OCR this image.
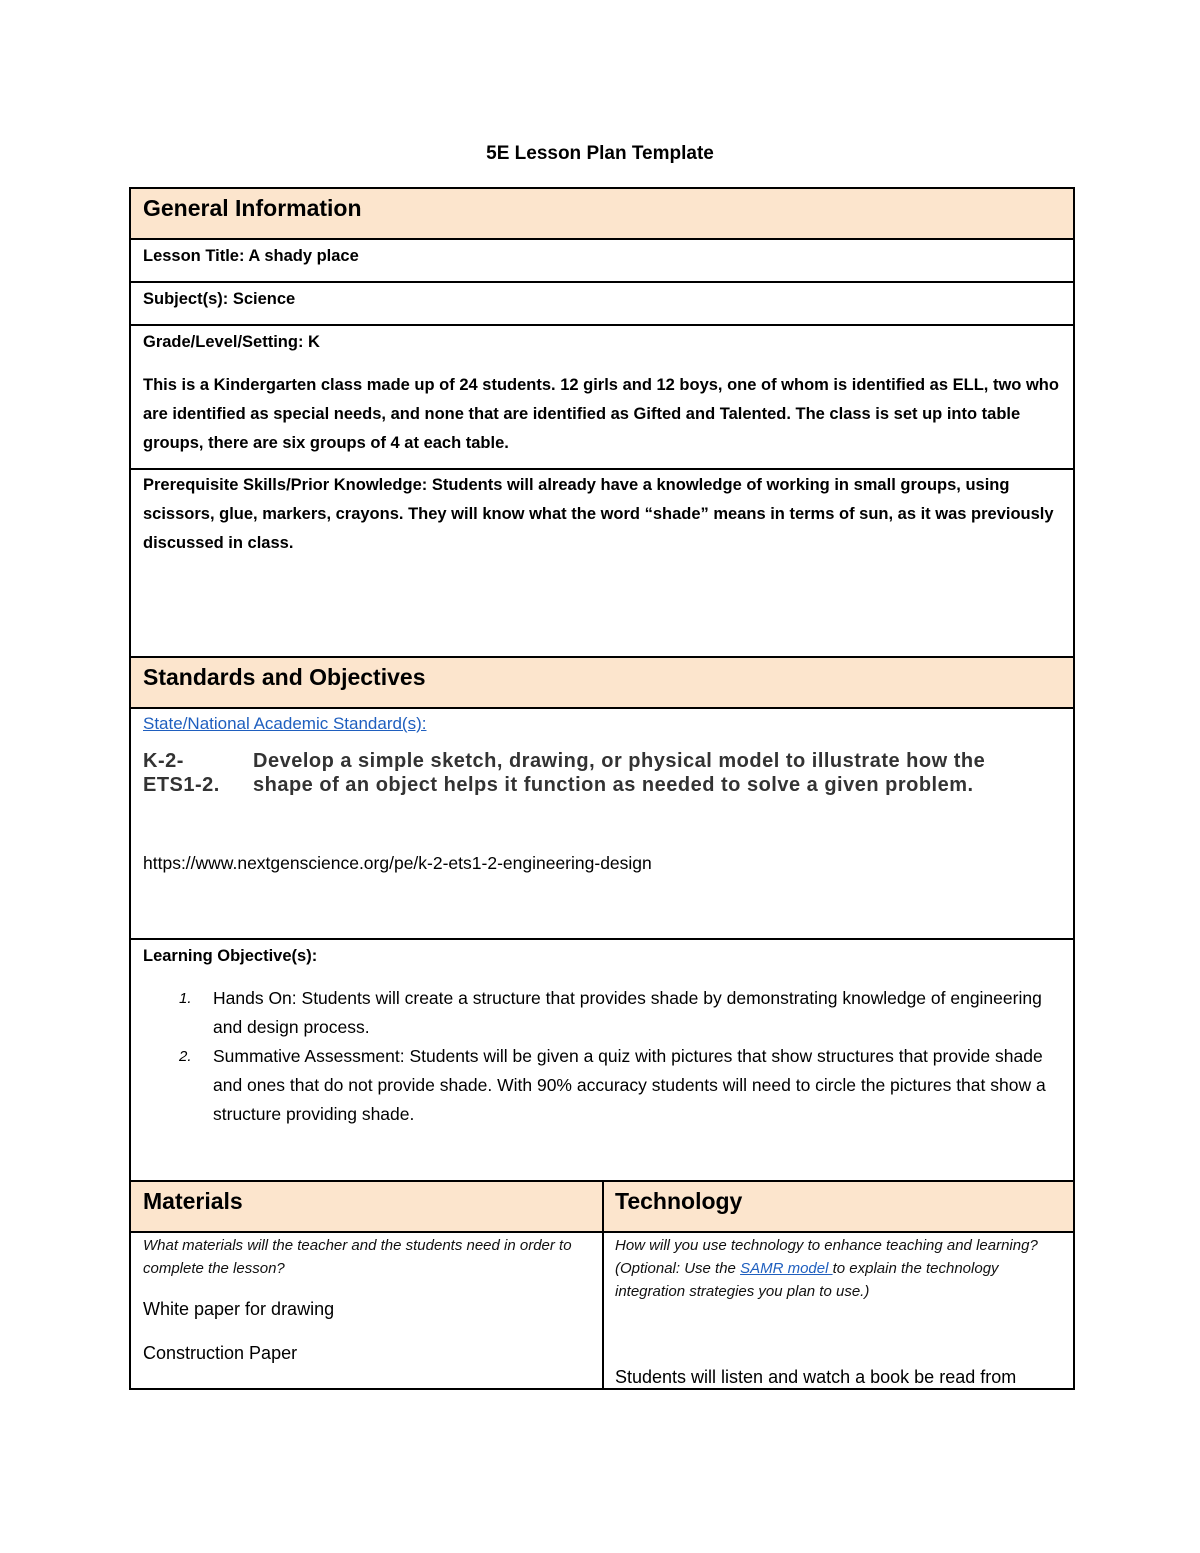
5E Lesson Plan Template
General Information
Lesson Title: A shady place
Subject(s): Science
Grade/Level/Setting: K
This is a Kindergarten class made up of 24 students. 12 girls and 12 boys, one of whom is identified as ELL, two who are identified as special needs, and none that are identified as Gifted and Talented. The class is set up into table groups, there are six groups of 4 at each table.
Prerequisite Skills/Prior Knowledge: Students will already have a knowledge of working in small groups, using scissors, glue, markers, crayons. They will know what the word “shade” means in terms of sun, as it was previously discussed in class.
Standards and Objectives
State/National Academic Standard(s):
K-2-ETS1-2.
Develop a simple sketch, drawing, or physical model to illustrate how the shape of an object helps it function as needed to solve a given problem.
https://www.nextgenscience.org/pe/k-2-ets1-2-engineering-design
Learning Objective(s):
1. Hands On: Students will create a structure that provides shade by demonstrating knowledge of engineering and design process.
2. Summative Assessment: Students will be given a quiz with pictures that show structures that provide shade and ones that do not provide shade. With 90% accuracy students will need to circle the pictures that show a structure providing shade.
Materials	Technology
What materials will the teacher and the students need in order to complete the lesson?
White paper for drawing
Construction Paper
How will you use technology to enhance teaching and learning? (Optional: Use the SAMR model to explain the technology integration strategies you plan to use.)
Students will listen and watch a book be read from
